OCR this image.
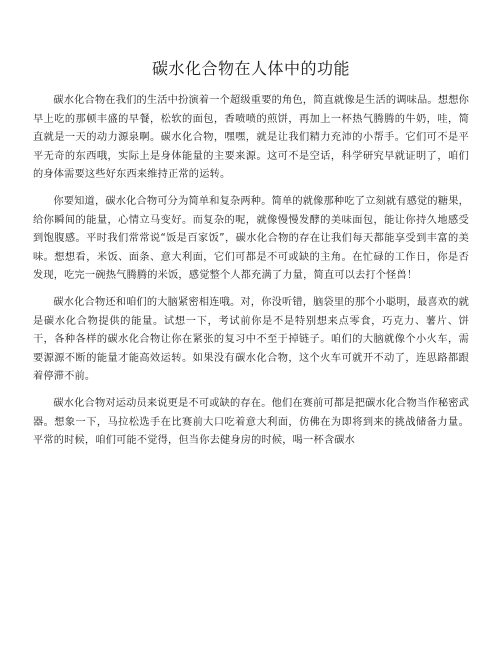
碳水化合物在人体中的功能

碳水化合物在我们的生活中扮演着一个超级重要的角色，简直就像是生活的调味品。想想你早上吃的那顿丰盛的早餐，松软的面包，香喷喷的煎饼，再加上一杯热气腾腾的牛奶，哇，简直就是一天的动力源泉啊。碳水化合物，嘿嘿，就是让我们精力充沛的小帮手。它们可不是平平无奇的东西哦，实际上是身体能量的主要来源。这可不是空话，科学研究早就证明了，咱们的身体需要这些好东西来维持正常的运转。

你要知道，碳水化合物可分为简单和复杂两种。简单的就像那种吃了立刻就有感觉的糖果，给你瞬间的能量，心情立马变好。而复杂的呢，就像慢慢发酵的美味面包，能让你持久地感受到饱腹感。平时我们常常说“饭是百家饭”，碳水化合物的存在让我们每天都能享受到丰富的美味。想想看，米饭、面条、意大利面，它们可都是不可或缺的主角。在忙碌的工作日，你是否发现，吃完一碗热气腾腾的米饭，感觉整个人都充满了力量，简直可以去打个怪兽！

碳水化合物还和咱们的大脑紧密相连哦。对，你没听错，脑袋里的那个小聪明，最喜欢的就是碳水化合物提供的能量。试想一下，考试前你是不是特别想来点零食，巧克力、薯片、饼干，各种各样的碳水化合物让你在紧张的复习中不至于掉链子。咱们的大脑就像个小火车，需要源源不断的能量才能高效运转。如果没有碳水化合物，这个火车可就开不动了，连思路都跟着停滞不前。

碳水化合物对运动员来说更是不可或缺的存在。他们在赛前可都是把碳水化合物当作秘密武器。想象一下，马拉松选手在比赛前大口吃着意大利面，仿佛在为即将到来的挑战储备力量。平常的时候，咱们可能不觉得，但当你去健身房的时候，喝一杯含碳水
